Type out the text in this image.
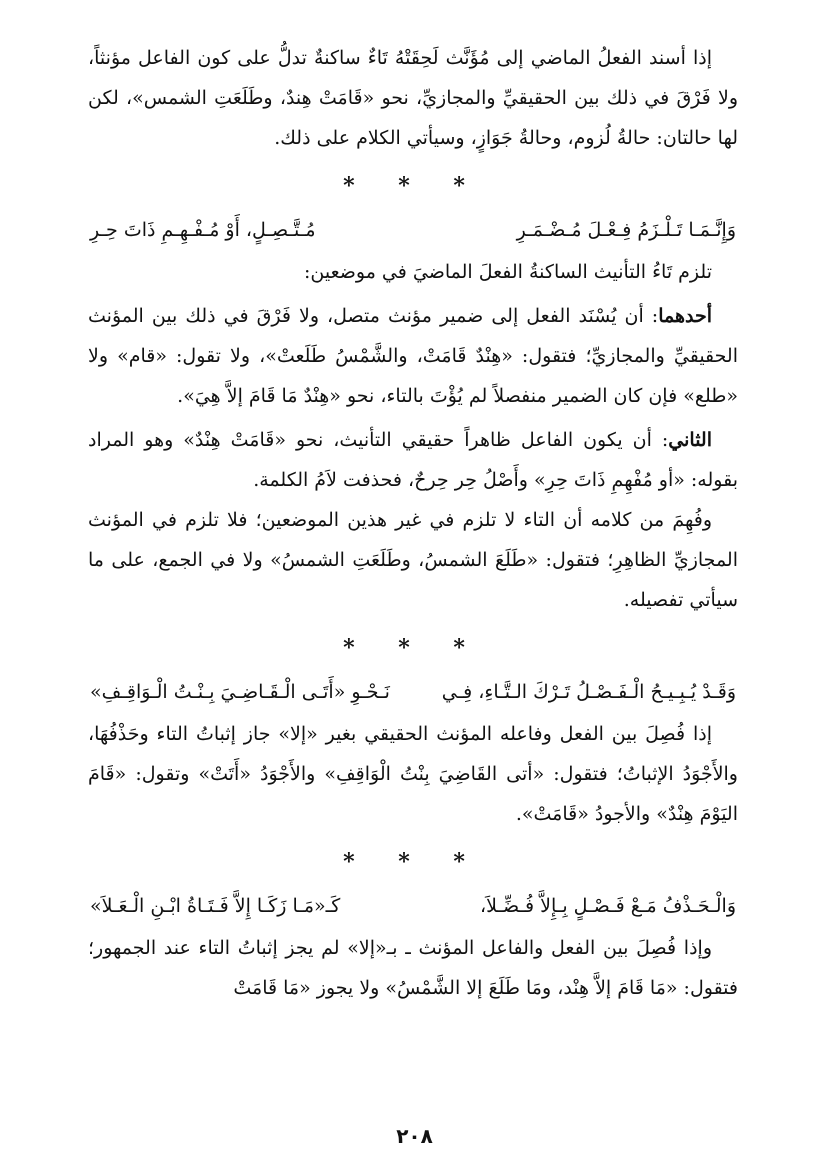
إذا أسند الفعلُ الماضي إلى مُؤَنَّث لَحِقَتْهُ تَاءٌ ساكنةٌ تدلُّ على كون الفاعل مؤنثاً، ولا فَرْقَ في ذلك بين الحقيقيِّ والمجازيِّ، نحو «قَامَتْ هِندٌ، وطَلَعَتِ الشمس»، لكن لها حالتان: حالةُ لُزوم، وحالةُ جَوَازٍ، وسيأتي الكلام على ذلك.

* * *
وَإِنَّـمَـا تَـلْـزَمُ فِـعْـلَ مُـضْـمَـرِ
مُـتَّـصِـلٍ، أَوْ مُـفْـهِـمِ ذَاتَ حِـرِ

تلزم تَاءُ التأنيث الساكنةُ الفعلَ الماضيَ في موضعين:

أحدهما: أن يُسْنَد الفعل إلى ضمير مؤنث متصل، ولا فَرْقَ في ذلك بين المؤنث الحقيقيِّ والمجازيِّ؛ فتقول: «هِنْدٌ قَامَتْ، والشَّمْسُ طَلَعتْ»، ولا تقول: «قام» ولا «طلع» فإن كان الضمير منفصلاً لم يُؤْتَ بالتاء، نحو «هِنْدٌ مَا قَامَ إلاَّ هِيَ».

الثاني: أن يكون الفاعل ظاهراً حقيقي التأنيث، نحو «قَامَتْ هِنْدٌ» وهو المراد بقوله: «أو مُفْهِمِ ذَاتَ حِرِ» وأَصْلُ حِر حِرحٌ، فحذفت لاَمُ الكلمة.

وفُهِمَ من كلامه أن التاء لا تلزم في غير هذين الموضعين؛ فلا تلزم في المؤنث المجازيِّ الظاهِرِ؛ فتقول: «طَلَعَ الشمسُ، وطَلَعَتِ الشمسُ» ولا في الجمع، على ما سيأتي تفصيله.

* * *
وَقَـدْ يُـبِـيـحُ الْـفَـصْـلُ تَـرْكَ الـتَّـاءِ، فِـي
نَـحْـوِ «أَتَـى الْـقَـاضِـيَ بِـنْـتُ الْـوَاقِـفِ»

إذا فُصِلَ بين الفعل وفاعله المؤنث الحقيقي بغير «إلا» جاز إثباتُ التاء وحَذْفُهَا، والأَجْوَدُ الإثباتُ؛ فتقول: «أتى القَاضِيَ بِنْتُ الْوَاقِفِ» والأَجْوَدُ «أَتَتْ» وتقول: «قَامَ اليَوْمَ هِنْدٌ» والأجودُ «قَامَتْ».

* * *
وَالْـحَـذْفُ مَـعْ فَـصْـلٍ بِـإِلاَّ فُـضِّـلاَ،
كَـ«مَـا زَكَـا إِلاَّ فَـتَـاةُ ابْـنِ الْـعَـلاَ»

وإذا فُصِلَ بين الفعل والفاعل المؤنث ـ بـ«إلا» لم يجز إثباتُ التاء عند الجمهور؛ فتقول: «مَا قَامَ إلاَّ هِنْد، ومَا طَلَعَ إلا الشَّمْسُ» ولا يجوز «مَا قَامَتْ

٢٠٨
